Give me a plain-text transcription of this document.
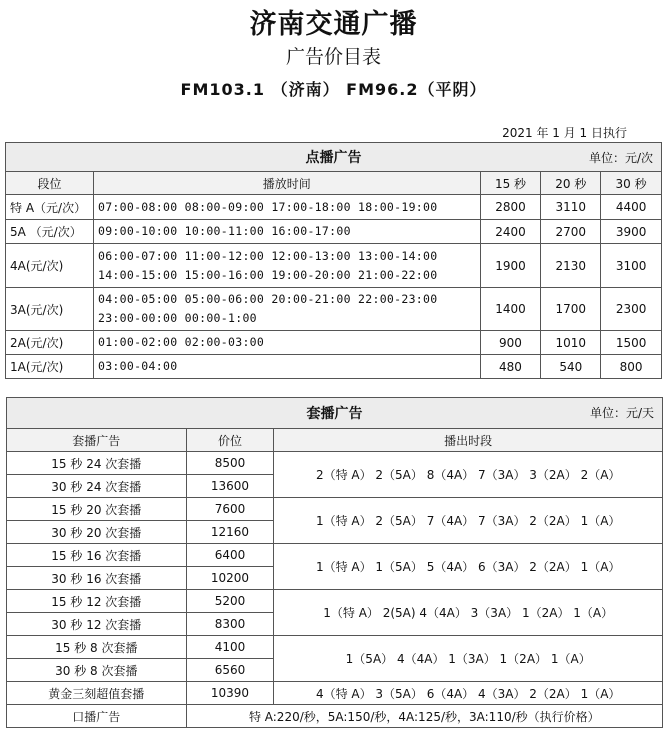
济南交通广播
广告价目表
FM103.1 （济南） FM96.2（平阴）
2021 年 1 月 1 日执行
点播广告 单位：元/次				

段位	播放时间	15 秒	20 秒	30 秒
特 A（元/次）	07:00-08:00 08:00-09:00 17:00-18:00 18:00-19:00	2800	3110	4400
5A （元/次）	09:00-10:00 10:00-11:00 16:00-17:00	2400	2700	3900
4A(元/次)	06:00-07:00 11:00-12:00 12:00-13:00 13:00-14:00
14:00-15:00 15:00-16:00 19:00-20:00 21:00-22:00	1900	2130	3100
3A(元/次)	04:00-05:00 05:00-06:00 20:00-21:00 22:00-23:00
23:00-00:00 00:00-1:00	1400	1700	2300
2A(元/次)	01:00-02:00 02:00-03:00	900	1010	1500
1A(元/次)	03:00-04:00	480	540	800
套播广告 单位：元/天		

套播广告	价位	播出时段
15 秒 24 次套播	8500	2（特 A） 2（5A） 8（4A） 7（3A） 3（2A） 2（A）
30 秒 24 次套播	13600	
15 秒 20 次套播	7600	1（特 A） 2（5A） 7（4A） 7（3A） 2（2A） 1（A）
30 秒 20 次套播	12160	
15 秒 16 次套播	6400	1（特 A） 1（5A） 5（4A） 6（3A） 2（2A） 1（A）
30 秒 16 次套播	10200	
15 秒 12 次套播	5200	1（特 A） 2(5A) 4（4A） 3（3A） 1（2A） 1（A）
30 秒 12 次套播	8300	
15 秒 8 次套播	4100	1（5A） 4（4A） 1（3A） 1（2A） 1（A）
30 秒 8 次套播	6560	
黄金三刻超值套播	10390	4（特 A） 3（5A） 6（4A） 4（3A） 2（2A） 1（A）
口播广告	特 A:220/秒，5A:150/秒，4A:125/秒，3A:110/秒（执行价格）	
